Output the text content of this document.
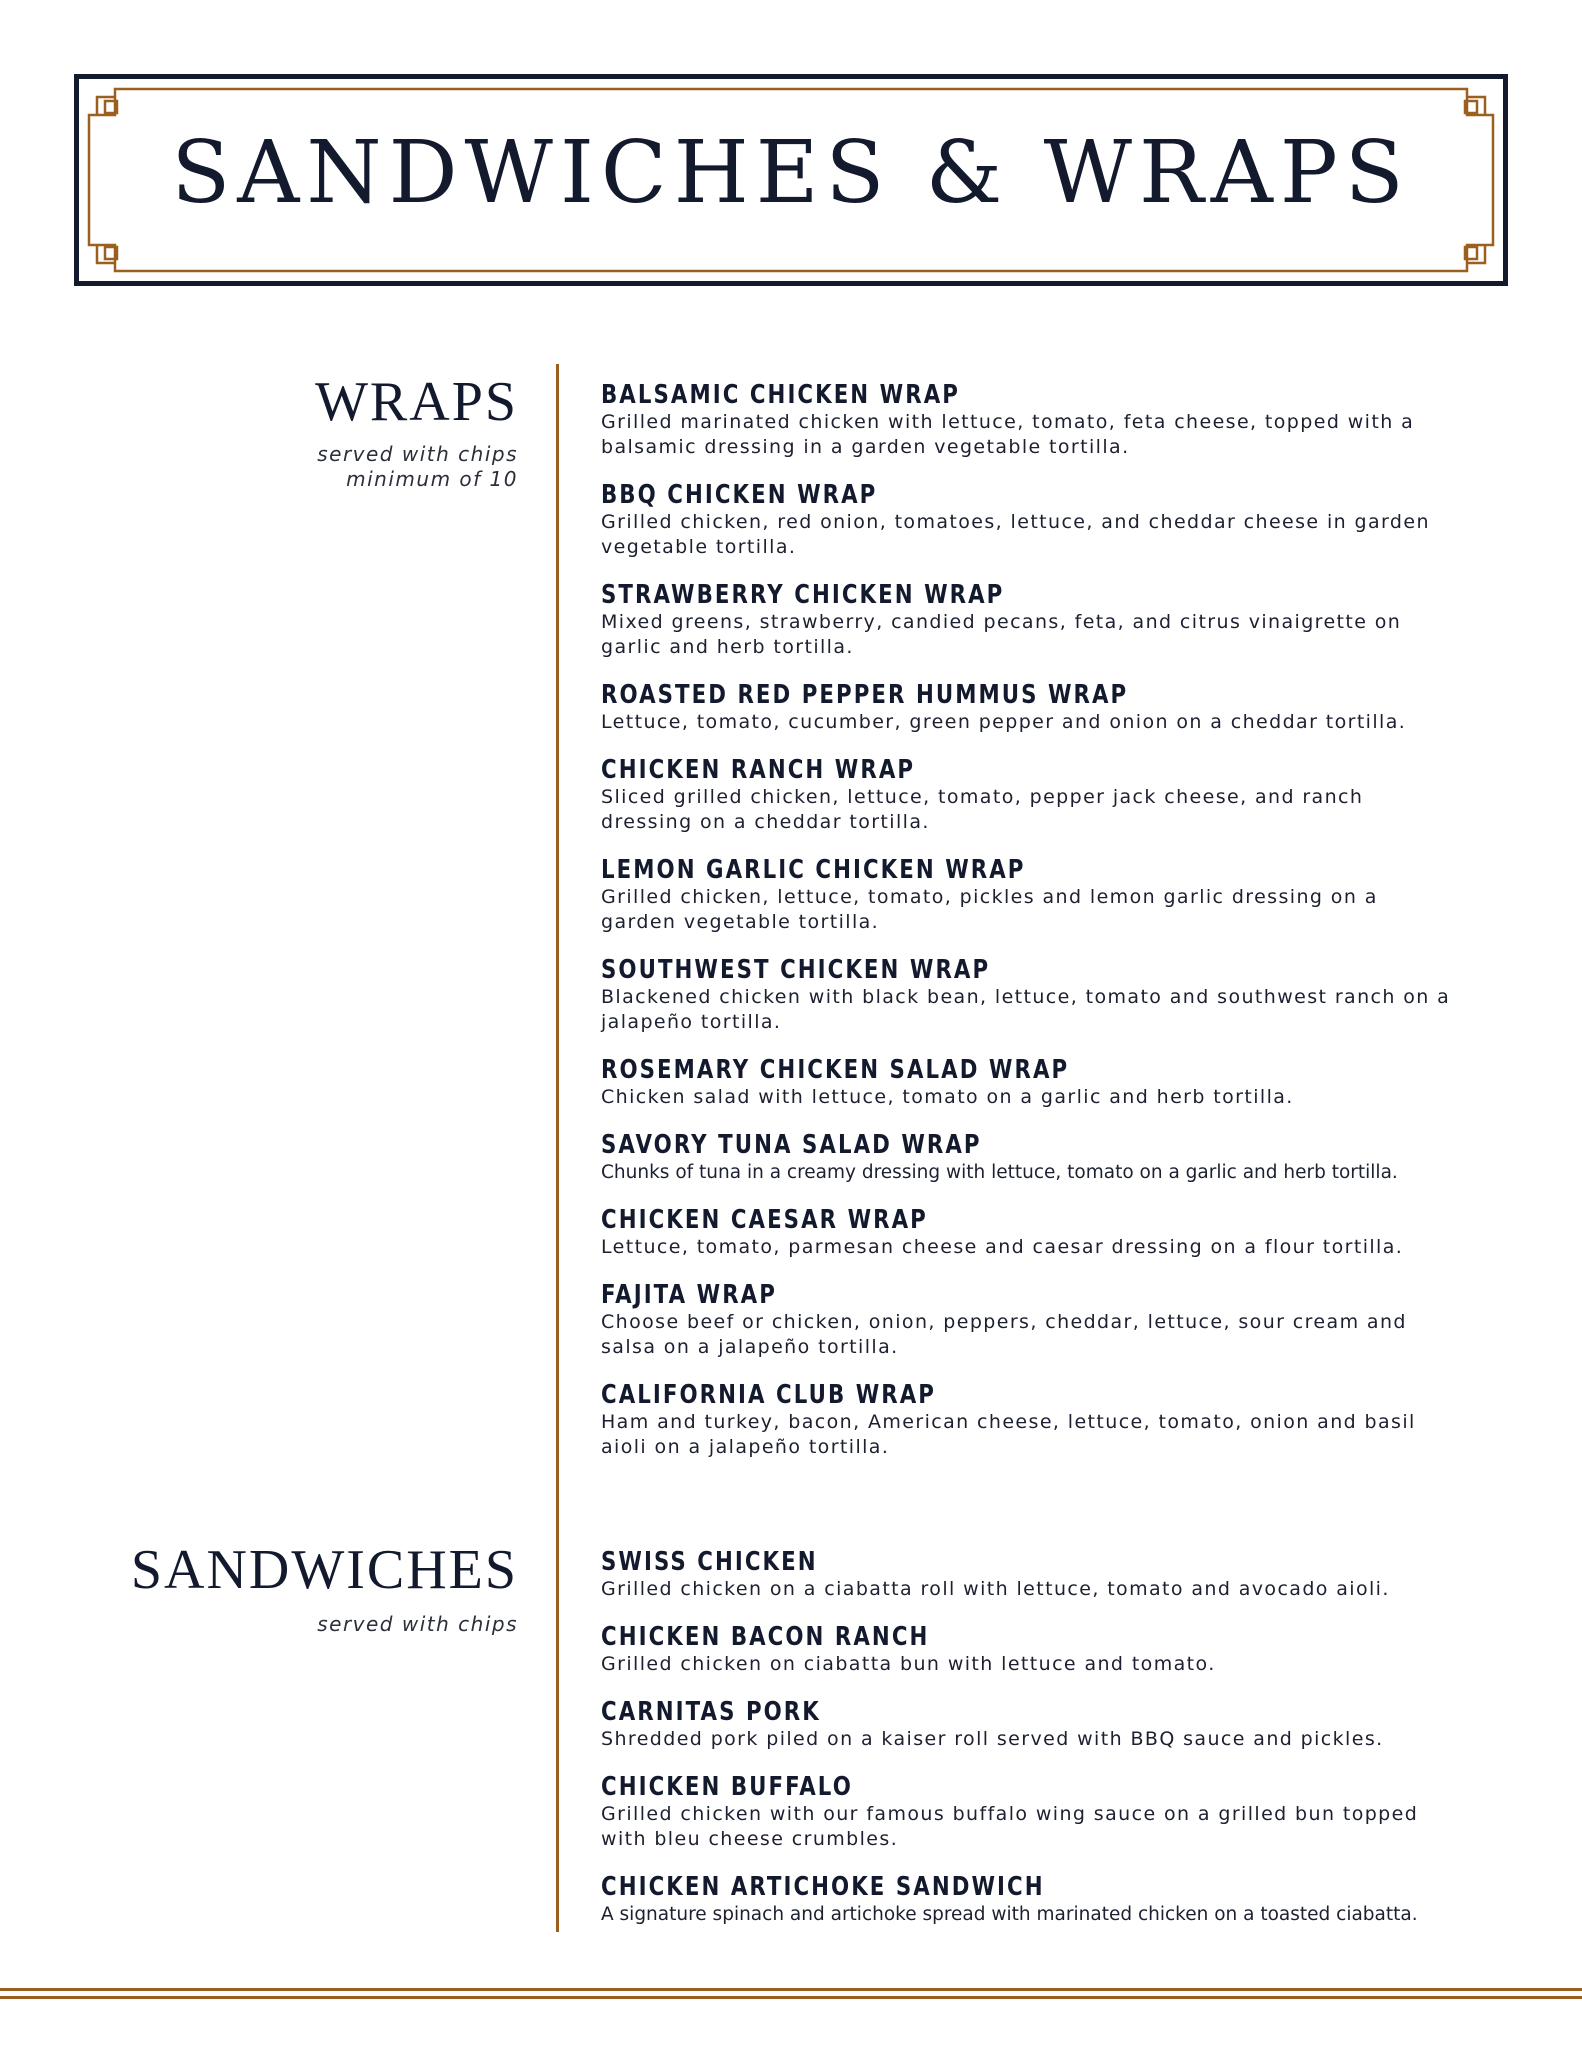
SANDWICHES & WRAPS
WRAPS
served with chips
minimum of 10
SANDWICHES
served with chips
BALSAMIC CHICKEN WRAP
Grilled marinated chicken with lettuce, tomato, feta cheese, topped with a
balsamic dressing in a garden vegetable tortilla.
BBQ CHICKEN WRAP
Grilled chicken, red onion, tomatoes, lettuce, and cheddar cheese in garden
vegetable tortilla.
STRAWBERRY CHICKEN WRAP
Mixed greens, strawberry, candied pecans, feta, and citrus vinaigrette on
garlic and herb tortilla.
ROASTED RED PEPPER HUMMUS WRAP
Lettuce, tomato, cucumber, green pepper and onion on a cheddar tortilla.
CHICKEN RANCH WRAP
Sliced grilled chicken, lettuce, tomato, pepper jack cheese, and ranch
dressing on a cheddar tortilla.
LEMON GARLIC CHICKEN WRAP
Grilled chicken, lettuce, tomato, pickles and lemon garlic dressing on a
garden vegetable tortilla.
SOUTHWEST CHICKEN WRAP
Blackened chicken with black bean, lettuce, tomato and southwest ranch on a
jalapeño tortilla.
ROSEMARY CHICKEN SALAD WRAP
Chicken salad with lettuce, tomato on a garlic and herb tortilla.
SAVORY TUNA SALAD WRAP
Chunks of tuna in a creamy dressing with lettuce, tomato on a garlic and herb tortilla.
CHICKEN CAESAR WRAP
Lettuce, tomato, parmesan cheese and caesar dressing on a flour tortilla.
FAJITA WRAP
Choose beef or chicken, onion, peppers, cheddar, lettuce, sour cream and
salsa on a jalapeño tortilla.
CALIFORNIA CLUB WRAP
Ham and turkey, bacon, American cheese, lettuce, tomato, onion and basil
aioli on a jalapeño tortilla.
SWISS CHICKEN
Grilled chicken on a ciabatta roll with lettuce, tomato and avocado aioli.
CHICKEN BACON RANCH
Grilled chicken on ciabatta bun with lettuce and tomato.
CARNITAS PORK
Shredded pork piled on a kaiser roll served with BBQ sauce and pickles.
CHICKEN BUFFALO
Grilled chicken with our famous buffalo wing sauce on a grilled bun topped
with bleu cheese crumbles.
CHICKEN ARTICHOKE SANDWICH
A signature spinach and artichoke spread with marinated chicken on a toasted ciabatta.
